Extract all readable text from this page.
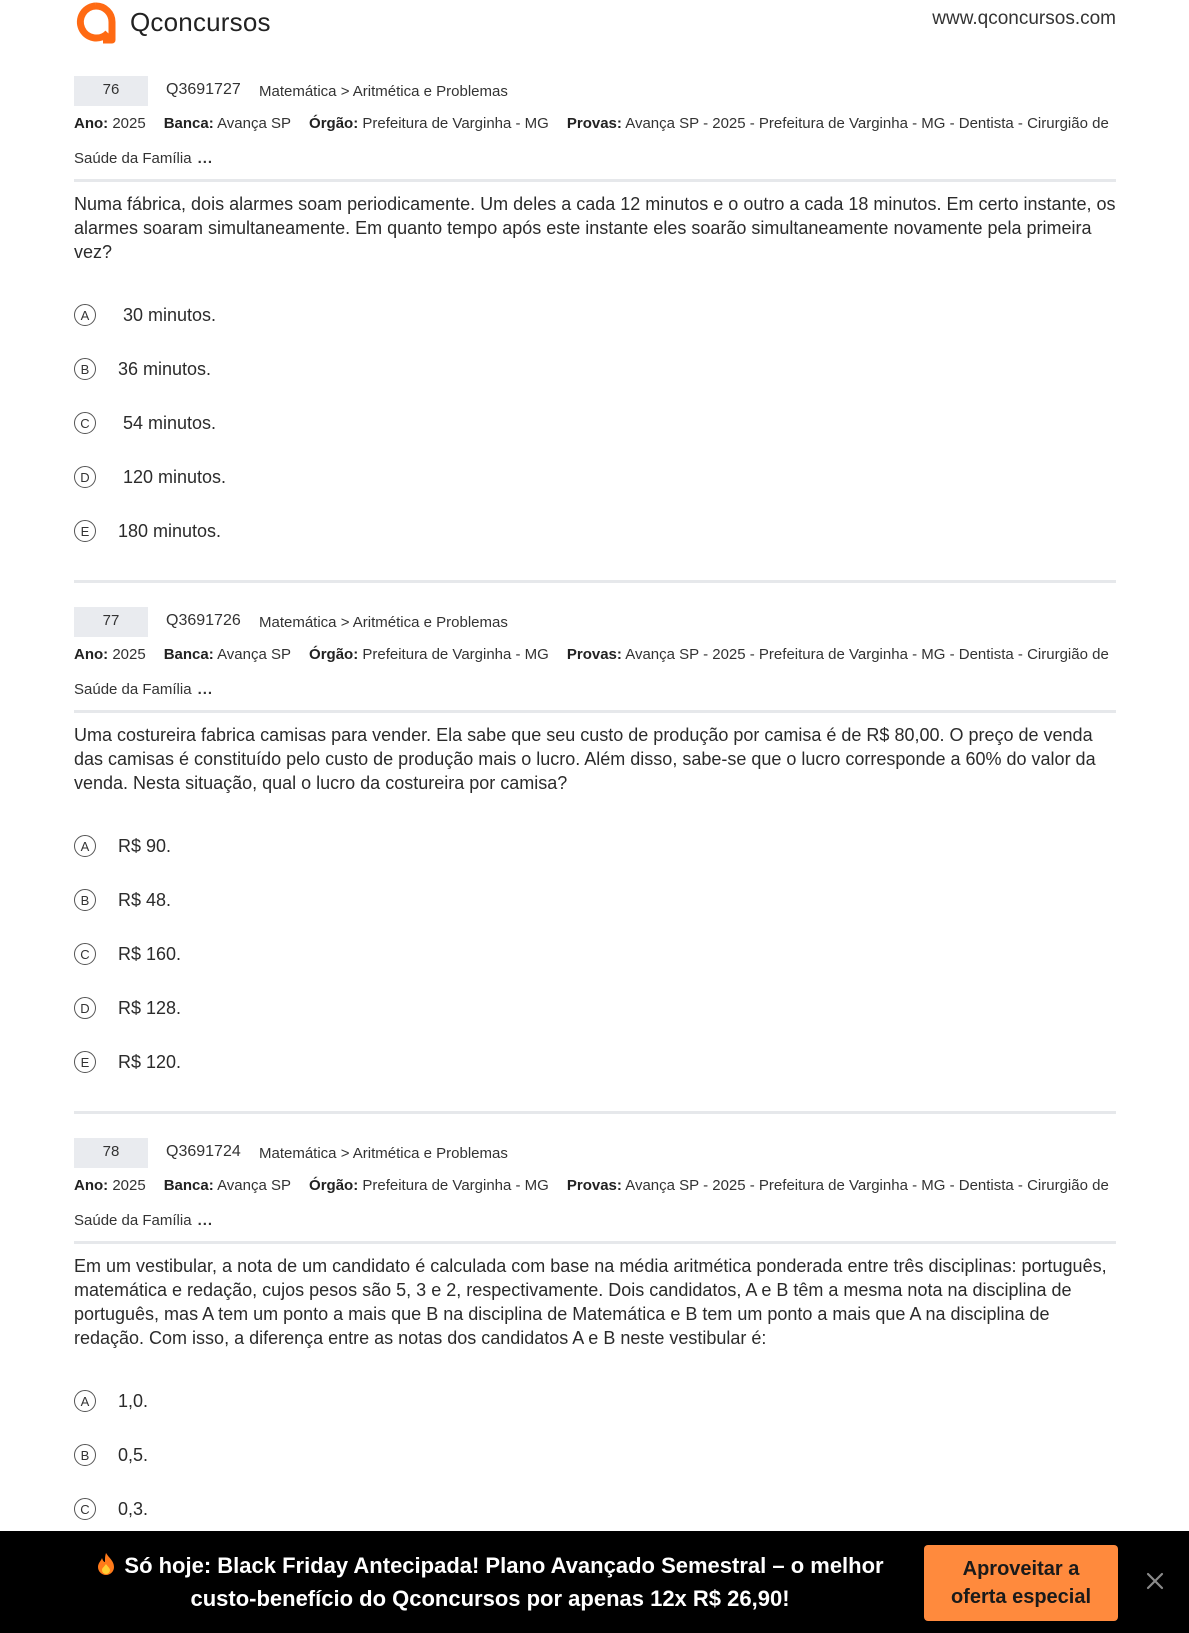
Qconcursos	www.qconcursos.com
76	Q3691727 Matemática > Aritmética e Problemas
Ano: 2025 Banca: Avança SP Órgão: Prefeitura de Varginha - MG Provas: Avança SP - 2025 - Prefeitura de Varginha - MG - Dentista - Cirurgião de Saúde da Família ...
Numa fábrica, dois alarmes soam periodicamente. Um deles a cada 12 minutos e o outro a cada 18 minutos. Em certo instante, os alarmes soaram simultaneamente. Em quanto tempo após este instante eles soarão simultaneamente novamente pela primeira vez?
A	30 minutos.
B	36 minutos.
C	54 minutos.
D	120 minutos.
E	180 minutos.
77	Q3691726 Matemática > Aritmética e Problemas
Ano: 2025 Banca: Avança SP Órgão: Prefeitura de Varginha - MG Provas: Avança SP - 2025 - Prefeitura de Varginha - MG - Dentista - Cirurgião de Saúde da Família ...
Uma costureira fabrica camisas para vender. Ela sabe que seu custo de produção por camisa é de R$ 80,00. O preço de venda das camisas é constituído pelo custo de produção mais o lucro. Além disso, sabe-se que o lucro corresponde a 60% do valor da venda. Nesta situação, qual o lucro da costureira por camisa?
A	R$ 90.
B	R$ 48.
C	R$ 160.
D	R$ 128.
E	R$ 120.
78	Q3691724 Matemática > Aritmética e Problemas
Ano: 2025 Banca: Avança SP Órgão: Prefeitura de Varginha - MG Provas: Avança SP - 2025 - Prefeitura de Varginha - MG - Dentista - Cirurgião de Saúde da Família ...
Em um vestibular, a nota de um candidato é calculada com base na média aritmética ponderada entre três disciplinas: português, matemática e redação, cujos pesos são 5, 3 e 2, respectivamente. Dois candidatos, A e B têm a mesma nota na disciplina de português, mas A tem um ponto a mais que B na disciplina de Matemática e B tem um ponto a mais que A na disciplina de redação. Com isso, a diferença entre as notas dos candidatos A e B neste vestibular é:
A	1,0.
B	0,5.
C	0,3.
Só hoje: Black Friday Antecipada! Plano Avançado Semestral – o melhor custo-benefício do Qconcursos por apenas 12x R$ 26,90!
Aproveitar a oferta especial
